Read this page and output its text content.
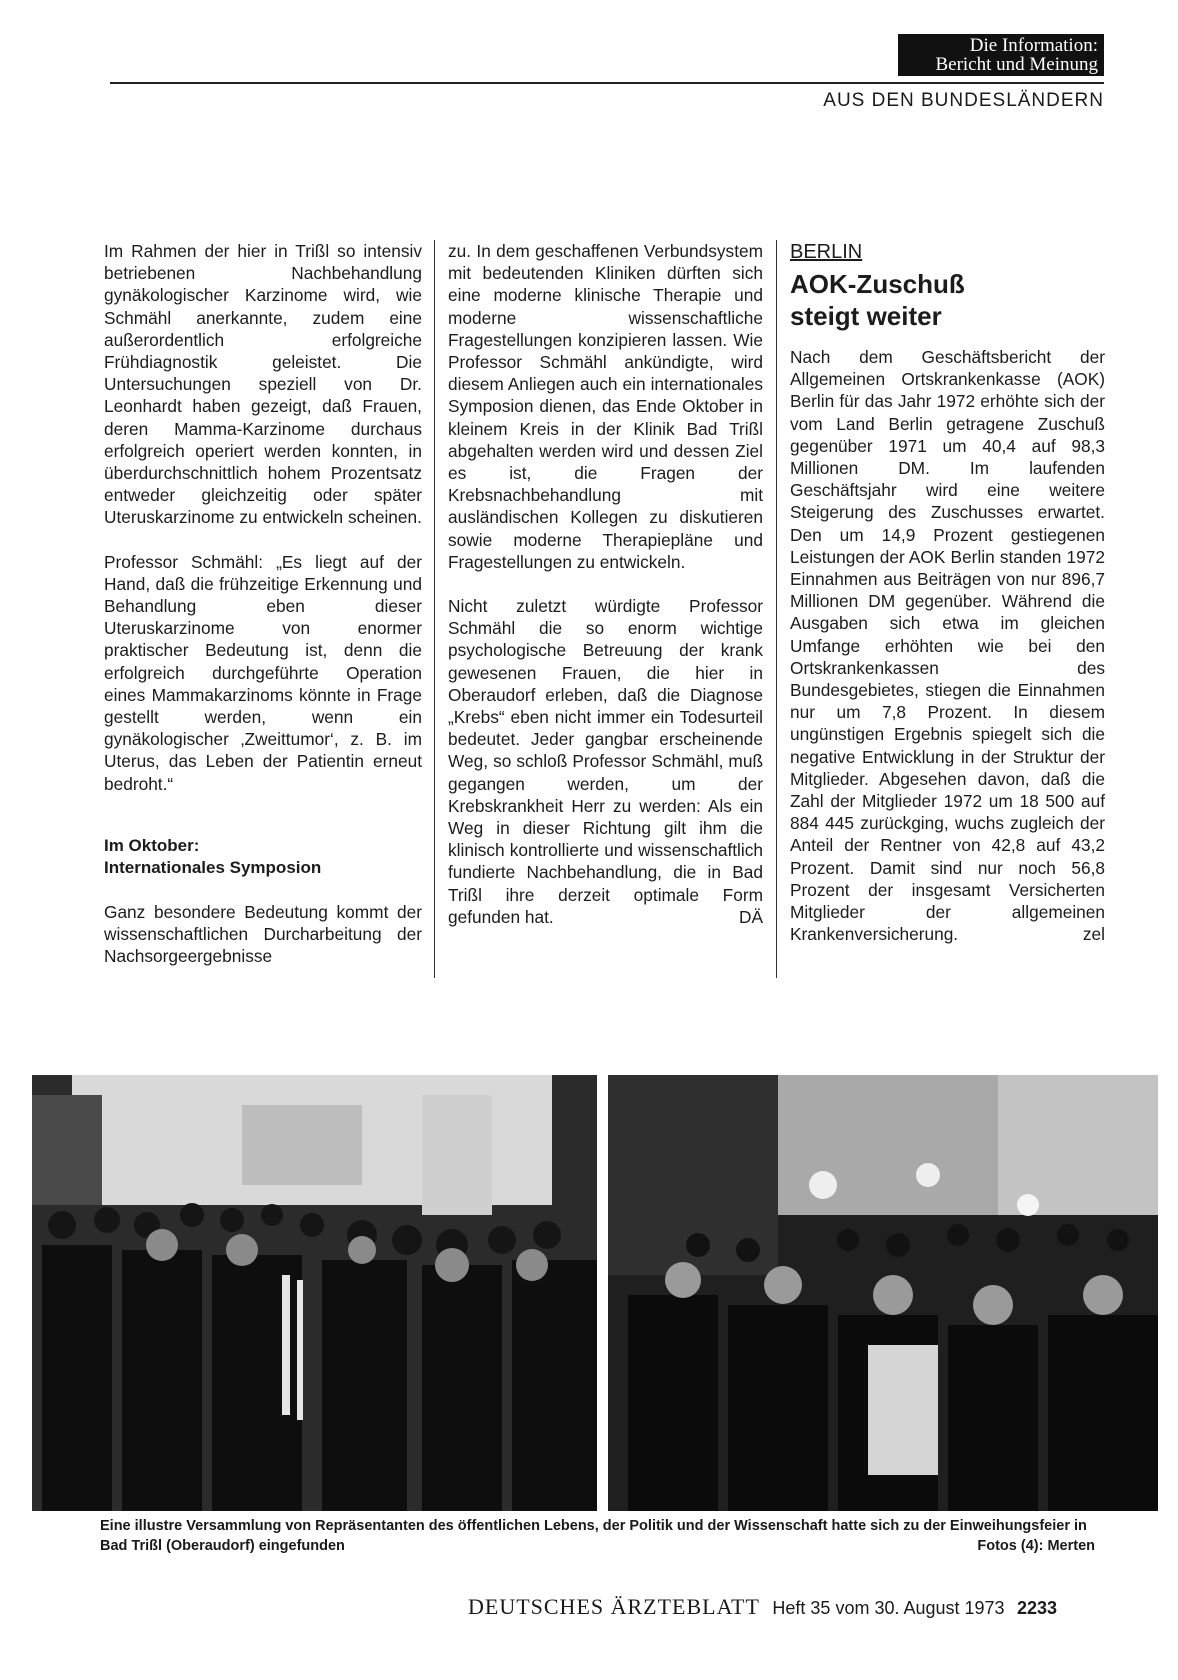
Die Information:
Bericht und Meinung
AUS DEN BUNDESLÄNDERN

Im Rahmen der hier in Trißl so intensiv betriebenen Nachbehandlung gynäkologischer Karzinome wird, wie Schmähl anerkannte, zudem eine außerordentlich erfolgreiche Frühdiagnostik geleistet. Die Untersuchungen speziell von Dr. Leonhardt haben gezeigt, daß Frauen, deren Mamma-Karzinome durchaus erfolgreich operiert werden konnten, in überdurchschnittlich hohem Prozentsatz entweder gleichzeitig oder später Uteruskarzinome zu entwickeln scheinen.

Professor Schmähl: „Es liegt auf der Hand, daß die frühzeitige Erkennung und Behandlung eben dieser Uteruskarzinome von enormer praktischer Bedeutung ist, denn die erfolgreich durchgeführte Operation eines Mammakarzinoms könnte in Frage gestellt werden, wenn ein gynäkologischer ‚Zweittumor‘, z. B. im Uterus, das Leben der Patientin erneut bedroht.“

Im Oktober:
Internationales Symposion

Ganz besondere Bedeutung kommt der wissenschaftlichen Durcharbeitung der Nachsorgeergebnisse

zu. In dem geschaffenen Verbundsystem mit bedeutenden Kliniken dürften sich eine moderne klinische Therapie und moderne wissenschaftliche Fragestellungen konzipieren lassen. Wie Professor Schmähl ankündigte, wird diesem Anliegen auch ein internationales Symposion dienen, das Ende Oktober in kleinem Kreis in der Klinik Bad Trißl abgehalten werden wird und dessen Ziel es ist, die Fragen der Krebsnachbehandlung mit ausländischen Kollegen zu diskutieren sowie moderne Therapiepläne und Fragestellungen zu entwickeln.

Nicht zuletzt würdigte Professor Schmähl die so enorm wichtige psychologische Betreuung der krank gewesenen Frauen, die hier in Oberaudorf erleben, daß die Diagnose „Krebs“ eben nicht immer ein Todesurteil bedeutet. Jeder gangbar erscheinende Weg, so schloß Professor Schmähl, muß gegangen werden, um der Krebskrankheit Herr zu werden: Als ein Weg in dieser Richtung gilt ihm die klinisch kontrollierte und wissenschaftlich fundierte Nachbehandlung, die in Bad Trißl ihre derzeit optimale Form gefunden hat.	DÄ

BERLIN
AOK-Zuschuß
steigt weiter

Nach dem Geschäftsbericht der Allgemeinen Ortskrankenkasse (AOK) Berlin für das Jahr 1972 erhöhte sich der vom Land Berlin getragene Zuschuß gegenüber 1971 um 40,4 auf 98,3 Millionen DM. Im laufenden Geschäftsjahr wird eine weitere Steigerung des Zuschusses erwartet. Den um 14,9 Prozent gestiegenen Leistungen der AOK Berlin standen 1972 Einnahmen aus Beiträgen von nur 896,7 Millionen DM gegenüber. Während die Ausgaben sich etwa im gleichen Umfange erhöhten wie bei den Ortskrankenkassen des Bundesgebietes, stiegen die Einnahmen nur um 7,8 Prozent. In diesem ungünstigen Ergebnis spiegelt sich die negative Entwicklung in der Struktur der Mitglieder. Abgesehen davon, daß die Zahl der Mitglieder 1972 um 18 500 auf 884 445 zurückging, wuchs zugleich der Anteil der Rentner von 42,8 auf 43,2 Prozent. Damit sind nur noch 56,8 Prozent der insgesamt Versicherten Mitglieder der allgemeinen Krankenversicherung.	zel

Eine illustre Versammlung von Repräsentanten des öffentlichen Lebens, der Politik und der Wissenschaft hatte sich zu der Einweihungsfeier in Bad Trißl (Oberaudorf) eingefunden	Fotos (4): Merten
DEUTSCHES ÄRZTEBLATT Heft 35 vom 30. August 1973 2233
